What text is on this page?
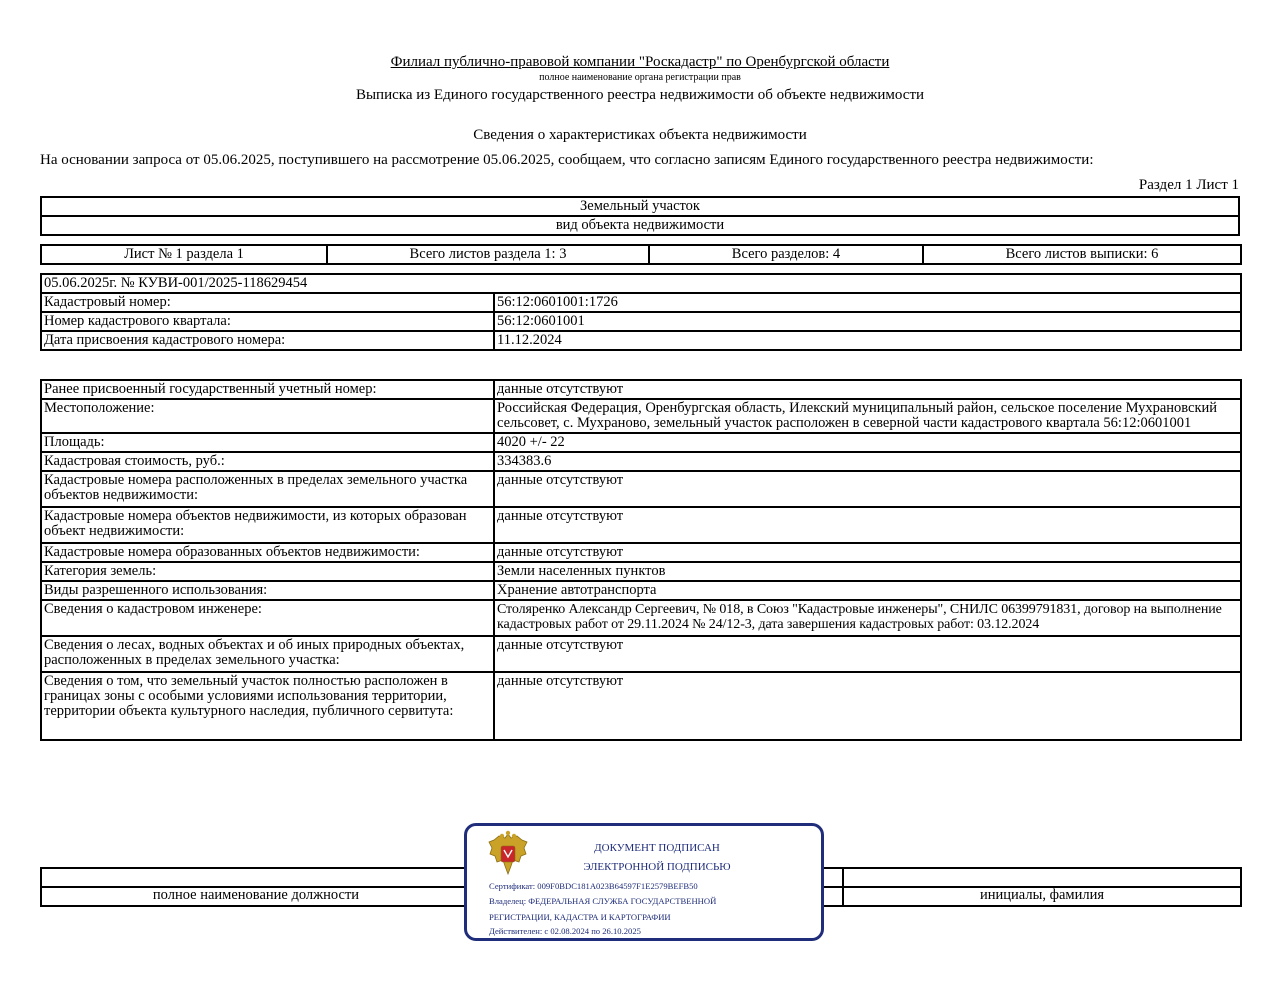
Филиал публично-правовой компании "Роскадастр" по Оренбургской области
полное наименование органа регистрации прав
Выписка из Единого государственного реестра недвижимости об объекте недвижимости
Сведения о характеристиках объекта недвижимости
На основании запроса от 05.06.2025, поступившего на рассмотрение 05.06.2025, сообщаем, что согласно записям Единого государственного реестра недвижимости:
Раздел 1 Лист 1
Земельный участок
вид объекта недвижимости
Лист № 1 раздела 1	Всего листов раздела 1: 3	Всего разделов: 4	Всего листов выписки: 6
05.06.2025г. № КУВИ-001/2025-118629454	
Кадастровый номер:	56:12:0601001:1726
Номер кадастрового квартала:	56:12:0601001
Дата присвоения кадастрового номера:	11.12.2024
Ранее присвоенный государственный учетный номер:	данные отсутствуют
Местоположение:	Российская Федерация, Оренбургская область, Илекский муниципальный район, сельское поселение Мухрановский сельсовет, с. Мухраново, земельный участок расположен в северной части кадастрового квартала 56:12:0601001
Площадь:	4020 +/- 22
Кадастровая стоимость, руб.:	334383.6
Кадастровые номера расположенных в пределах земельного участка объектов недвижимости:	данные отсутствуют
Кадастровые номера объектов недвижимости, из которых образован объект недвижимости:	данные отсутствуют
Кадастровые номера образованных объектов недвижимости:	данные отсутствуют
Категория земель:	Земли населенных пунктов
Виды разрешенного использования:	Хранение автотранспорта
Сведения о кадастровом инженере:	Столяренко Александр Сергеевич, № 018, в Союз "Кадастровые инженеры", СНИЛС 06399791831, договор на выполнение кадастровых работ от 29.11.2024 № 24/12-3, дата завершения кадастровых работ: 03.12.2024
Сведения о лесах, водных объектах и об иных природных объектах, расположенных в пределах земельного участка:	данные отсутствуют
Сведения о том, что земельный участок полностью расположен в границах зоны с особыми условиями использования территории, территории объекта культурного наследия, публичного сервитута:	данные отсутствуют

полное наименование должности		инициалы, фамилия
ДОКУМЕНТ ПОДПИСАН
ЭЛЕКТРОННОЙ ПОДПИСЬЮ
Сертификат: 009F0BDC181A023B64597F1E2579BEFB50
Владелец: ФЕДЕРАЛЬНАЯ СЛУЖБА ГОСУДАРСТВЕННОЙ
РЕГИСТРАЦИИ, КАДАСТРА И КАРТОГРАФИИ
Действителен: с 02.08.2024 по 26.10.2025
